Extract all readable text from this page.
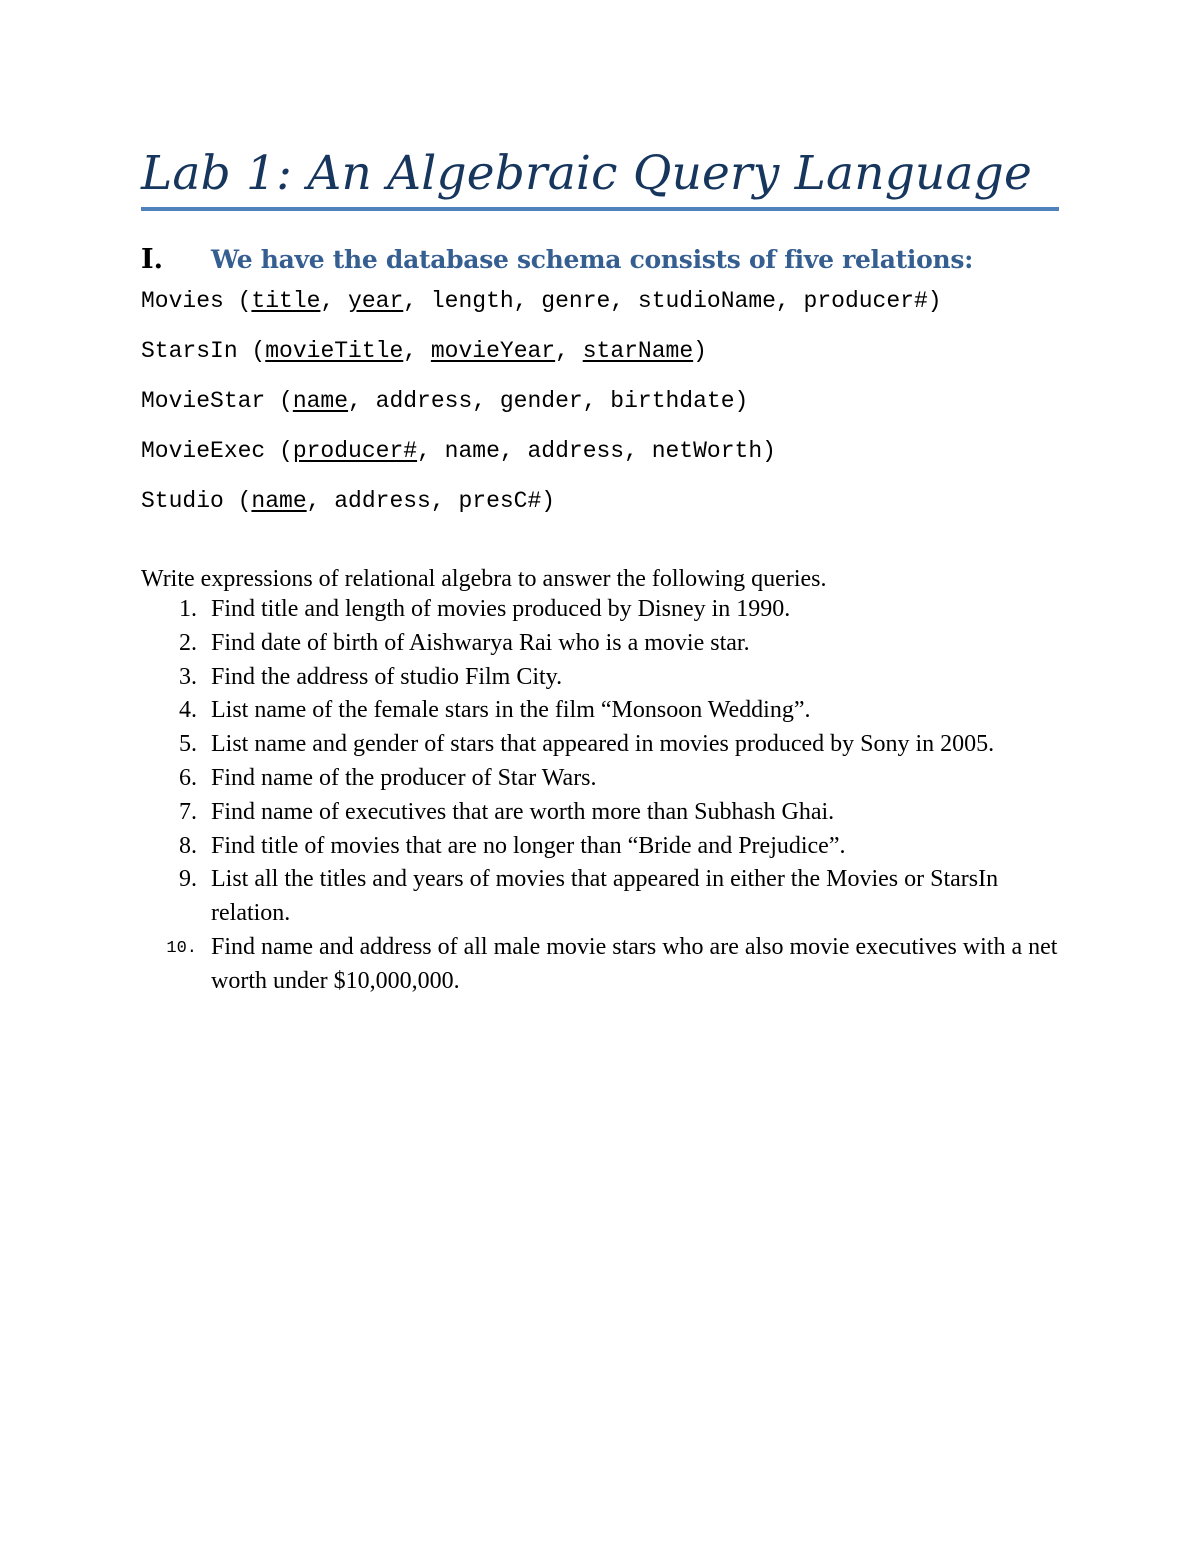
Lab 1: An Algebraic Query Language
I. We have the database schema consists of five relations:
Movies (title, year, length, genre, studioName, producer#)
StarsIn (movieTitle, movieYear, starName)
MovieStar (name, address, gender, birthdate)
MovieExec (producer#, name, address, netWorth)
Studio (name, address, presC#)

Write expressions of relational algebra to answer the following queries.

1. Find title and length of movies produced by Disney in 1990.
2. Find date of birth of Aishwarya Rai who is a movie star.
3. Find the address of studio Film City.
4. List name of the female stars in the film “Monsoon Wedding”.
5. List name and gender of stars that appeared in movies produced by Sony in 2005.
6. Find name of the producer of Star Wars.
7. Find name of executives that are worth more than Subhash Ghai.
8. Find title of movies that are no longer than “Bride and Prejudice”.
9. List all the titles and years of movies that appeared in either the Movies or StarsIn relation.
10. Find name and address of all male movie stars who are also movie executives with a net worth under $10,000,000.
